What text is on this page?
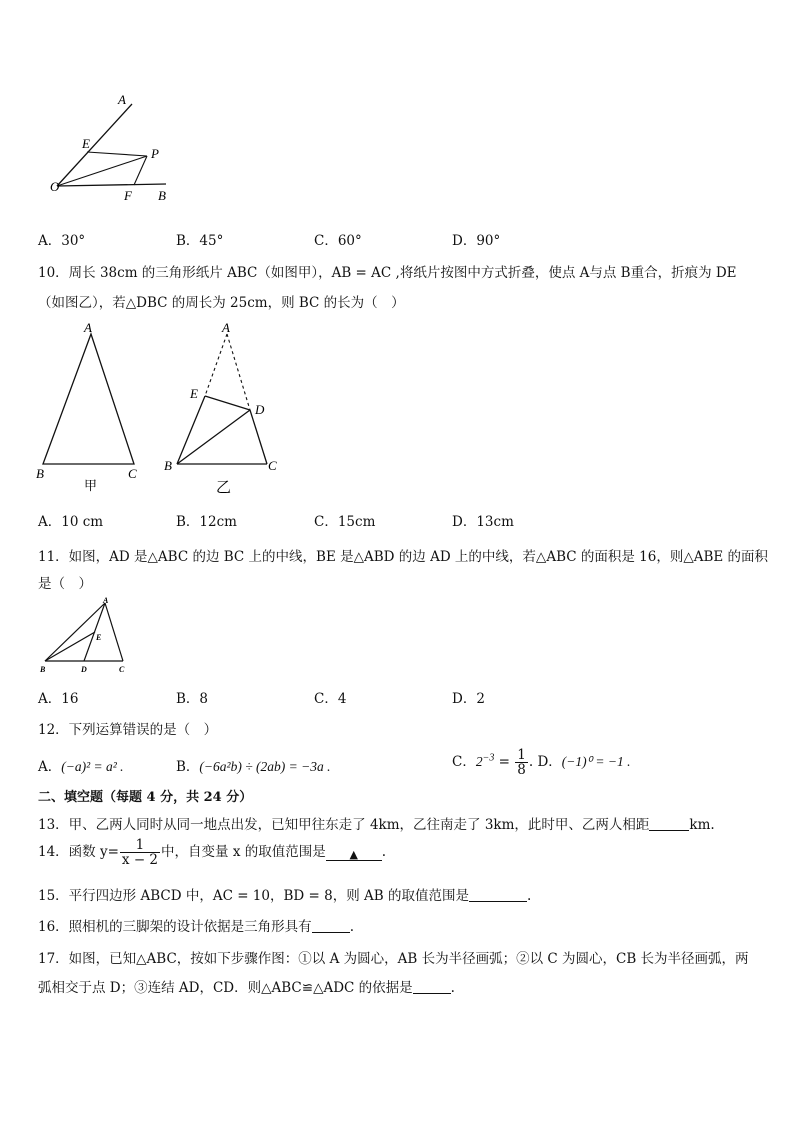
A
E
P
O
F B
A．30°	B．45°	C．60°	D．90°
10．周长 38cm 的三角形纸片 ABC（如图甲），AB = AC ,将纸片按图中方式折叠，使点 A与点 B重合，折痕为 DE
（如图乙），若△DBC 的周长为 25cm，则 BC 的长为（　）
A
B	C
甲
A
E
D
B	C
乙
A．10 cm	B．12cm	C．15cm	D．13cm
11．如图，AD 是△ABC 的边 BC 上的中线，BE 是△ABD 的边 AD 上的中线，若△ABC 的面积是 16，则△ABE 的面积
是（　）
A
E
B	D	C
A．16	B．8	C．4	D．2
12．下列运算错误的是（　）
A．(−a)² = a² .	B．(−6a²b) ÷ (2ab) = −3a .	C．$2^{-3} = \frac{1}{8}$ . D．(−1)⁰ = −1 .
二、填空题（每题 4 分，共 24 分）
13．甲、乙两人同时从同一地点出发，已知甲往东走了 4km，乙往南走了 3km，此时甲、乙两人相距	km.
14．函数 $y= \frac{1}{x - 2}$ 中，自变量 x 的取值范围是 ▲ .
15．平行四边形 ABCD 中，AC = 10，BD = 8，则 AB 的取值范围是	.
16．照相机的三脚架的设计依据是三角形具有	.
17．如图，已知△ABC，按如下步骤作图：①以 A 为圆心，AB 长为半径画弧；②以 C 为圆心，CB 长为半径画弧，两
弧相交于点 D；③连结 AD，CD．则△ABC≌△ADC 的依据是	.
